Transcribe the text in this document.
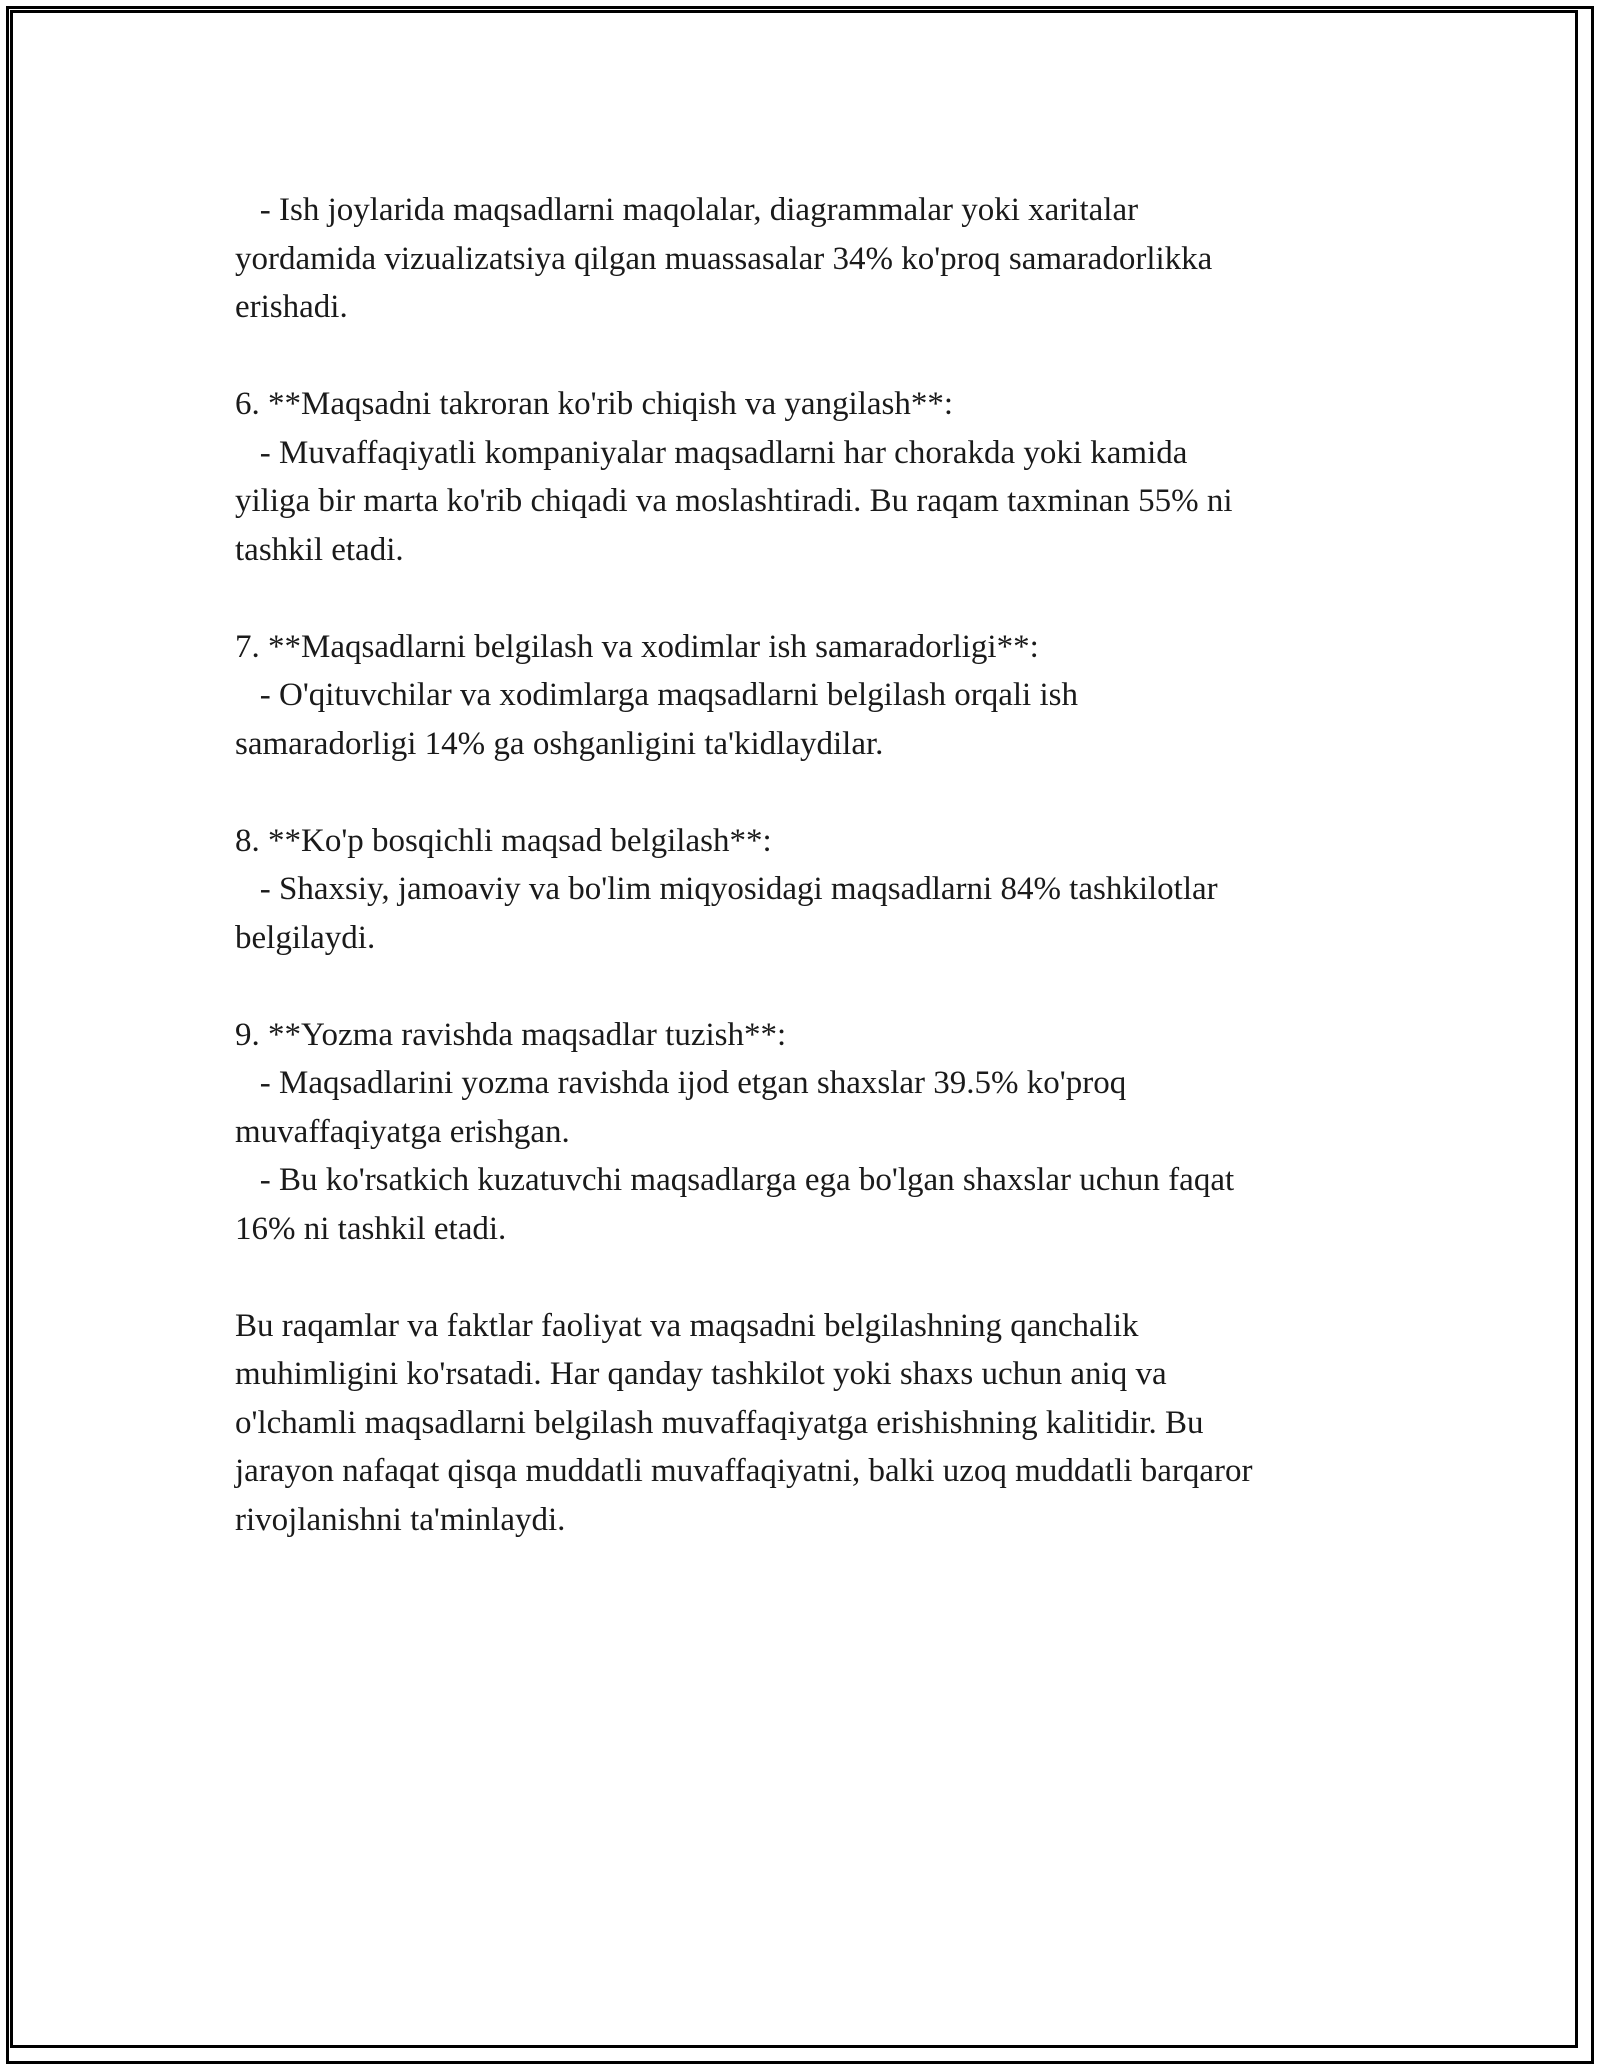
- Ish joylarida maqsadlarni maqolalar, diagrammalar yoki xaritalar
yordamida vizualizatsiya qilgan muassasalar 34% ko'proq samaradorlikka
erishadi.
6. **Maqsadni takroran ko'rib chiqish va yangilash**:
- Muvaffaqiyatli kompaniyalar maqsadlarni har chorakda yoki kamida
yiliga bir marta ko'rib chiqadi va moslashtiradi. Bu raqam taxminan 55% ni
tashkil etadi.
7. **Maqsadlarni belgilash va xodimlar ish samaradorligi**:
- O'qituvchilar va xodimlarga maqsadlarni belgilash orqali ish
samaradorligi 14% ga oshganligini ta'kidlaydilar.
8. **Ko'p bosqichli maqsad belgilash**:
- Shaxsiy, jamoaviy va bo'lim miqyosidagi maqsadlarni 84% tashkilotlar
belgilaydi.
9. **Yozma ravishda maqsadlar tuzish**:
- Maqsadlarini yozma ravishda ijod etgan shaxslar 39.5% ko'proq
muvaffaqiyatga erishgan.
- Bu ko'rsatkich kuzatuvchi maqsadlarga ega bo'lgan shaxslar uchun faqat
16% ni tashkil etadi.
Bu raqamlar va faktlar faoliyat va maqsadni belgilashning qanchalik
muhimligini ko'rsatadi. Har qanday tashkilot yoki shaxs uchun aniq va
o'lchamli maqsadlarni belgilash muvaffaqiyatga erishishning kalitidir. Bu
jarayon nafaqat qisqa muddatli muvaffaqiyatni, balki uzoq muddatli barqaror
rivojlanishni ta'minlaydi.
